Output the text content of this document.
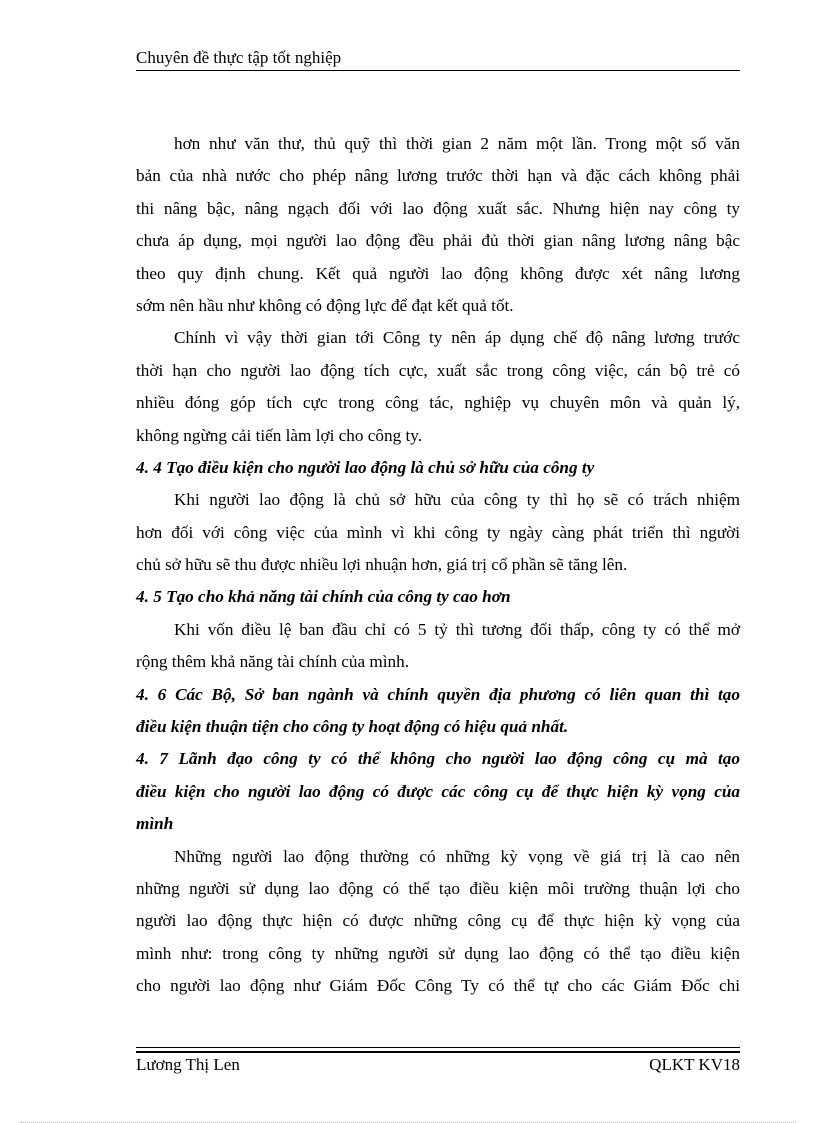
Chuyên đề thực tập tốt nghiệp
hơn như văn thư, thủ quỹ thì thời gian 2 năm một lần. Trong một số văn
bản của nhà nước cho phép nâng lương trước thời hạn và đặc cách không phải
thi nâng bậc, nâng ngạch đối với lao động xuất sắc. Nhưng hiện nay công ty
chưa áp dụng, mọi người lao động đều phải đủ thời gian nâng lương nâng bậc
theo quy định chung. Kết quả người lao động không được xét nâng lương
sớm nên hầu như không có động lực để đạt kết quả tốt.
Chính vì vậy thời gian tới Công ty nên áp dụng chế độ nâng lương trước
thời hạn cho người lao động tích cực, xuất sắc trong công việc, cán bộ trẻ có
nhiều đóng góp tích cực trong công tác, nghiệp vụ chuyên môn và quản lý,
không ngừng cải tiến làm lợi cho công ty.
4. 4 Tạo điều kiện cho người lao động là chủ sở hữu của công ty
Khi người lao động là chủ sở hữu của công ty thì họ sẽ có trách nhiệm
hơn đối với công việc của mình vì khi công ty ngày càng phát triển thì người
chủ sở hữu sẽ thu được nhiều lợi nhuận hơn, giá trị cổ phần sẽ tăng lên.
4. 5 Tạo cho khả năng tài chính của công ty cao hơn
Khi vốn điều lệ ban đầu chỉ có 5 tỷ thì tương đối thấp, công ty có thể mở
rộng thêm khả năng tài chính của mình.
4. 6 Các Bộ, Sở ban ngành và chính quyền địa phương có liên quan thì tạo
điều kiện thuận tiện cho công ty hoạt động có hiệu quả nhất.
4. 7 Lãnh đạo công ty có thể không cho người lao động công cụ mà tạo
điều kiện cho người lao động có được các công cụ để thực hiện kỳ vọng của
mình
Những người lao động thường có những kỳ vọng về giá trị là cao nên
những người sử dụng lao động có thể tạo điều kiện môi trường thuận lợi cho
người lao động thực hiện có được những công cụ để thực hiện kỳ vọng của
mình như: trong công ty những người sử dụng lao động có thể tạo điều kiện
cho người lao động như Giám Đốc Công Ty có thể tự cho các Giám Đốc chi
Lương Thị Len	QLKT KV18
